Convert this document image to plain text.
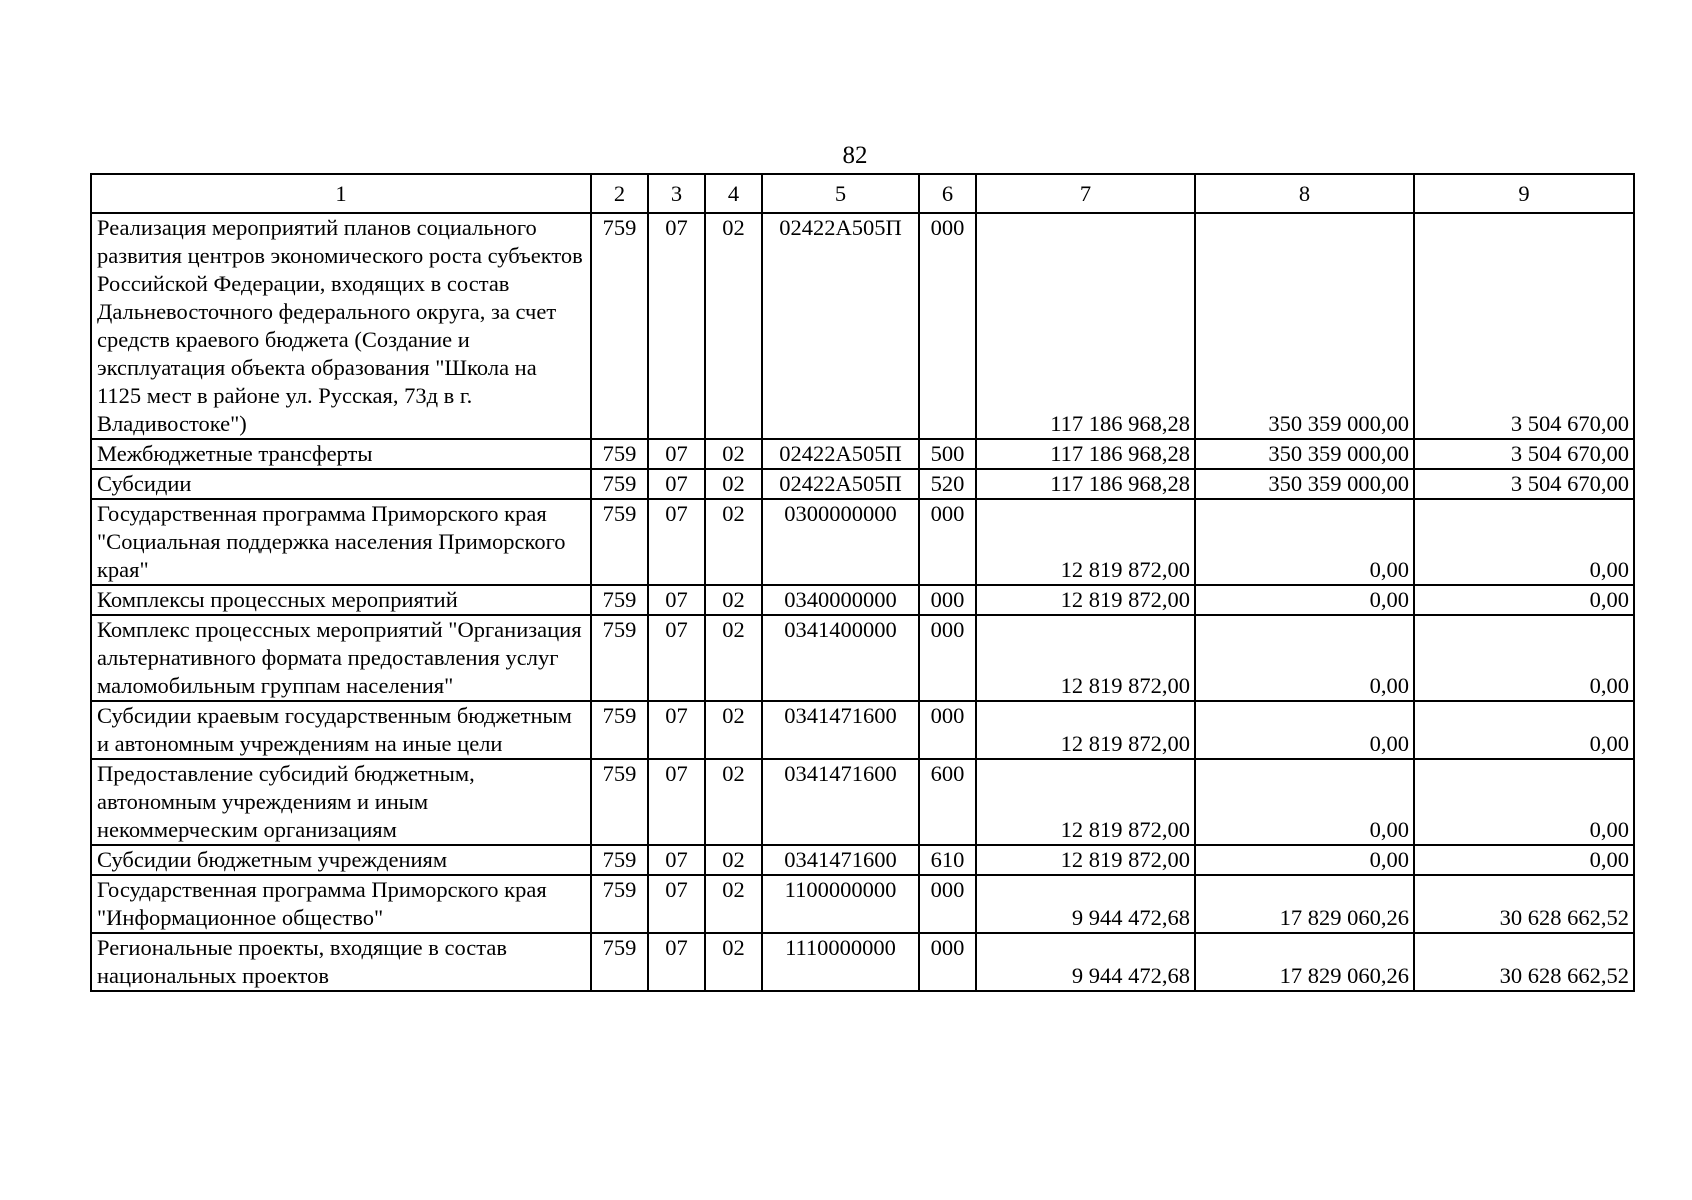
82
1	2	3	4	5	6	7	8	9
Реализация мероприятий планов социального развития центров экономического роста субъектов Российской Федерации, входящих в состав Дальневосточного федерального округа, за счет средств краевого бюджета (Создание и эксплуатация объекта образования "Школа на 1125 мест в районе ул. Русская, 73д в г. Владивостоке")	759	07	02	02422А505П	000	117 186 968,28	350 359 000,00	3 504 670,00
Межбюджетные трансферты	759	07	02	02422А505П	500	117 186 968,28	350 359 000,00	3 504 670,00
Субсидии	759	07	02	02422А505П	520	117 186 968,28	350 359 000,00	3 504 670,00
Государственная программа Приморского края "Социальная поддержка населения Приморского края"	759	07	02	0300000000	000	12 819 872,00	0,00	0,00
Комплексы процессных мероприятий	759	07	02	0340000000	000	12 819 872,00	0,00	0,00
Комплекс процессных мероприятий "Организация альтернативного формата предоставления услуг маломобильным группам населения"	759	07	02	0341400000	000	12 819 872,00	0,00	0,00
Субсидии краевым государственным бюджетным и автономным учреждениям на иные цели	759	07	02	0341471600	000	12 819 872,00	0,00	0,00
Предоставление субсидий бюджетным, автономным учреждениям и иным некоммерческим организациям	759	07	02	0341471600	600	12 819 872,00	0,00	0,00
Субсидии бюджетным учреждениям	759	07	02	0341471600	610	12 819 872,00	0,00	0,00
Государственная программа Приморского края "Информационное общество"	759	07	02	1100000000	000	9 944 472,68	17 829 060,26	30 628 662,52
Региональные проекты, входящие в состав национальных проектов	759	07	02	1110000000	000	9 944 472,68	17 829 060,26	30 628 662,52
